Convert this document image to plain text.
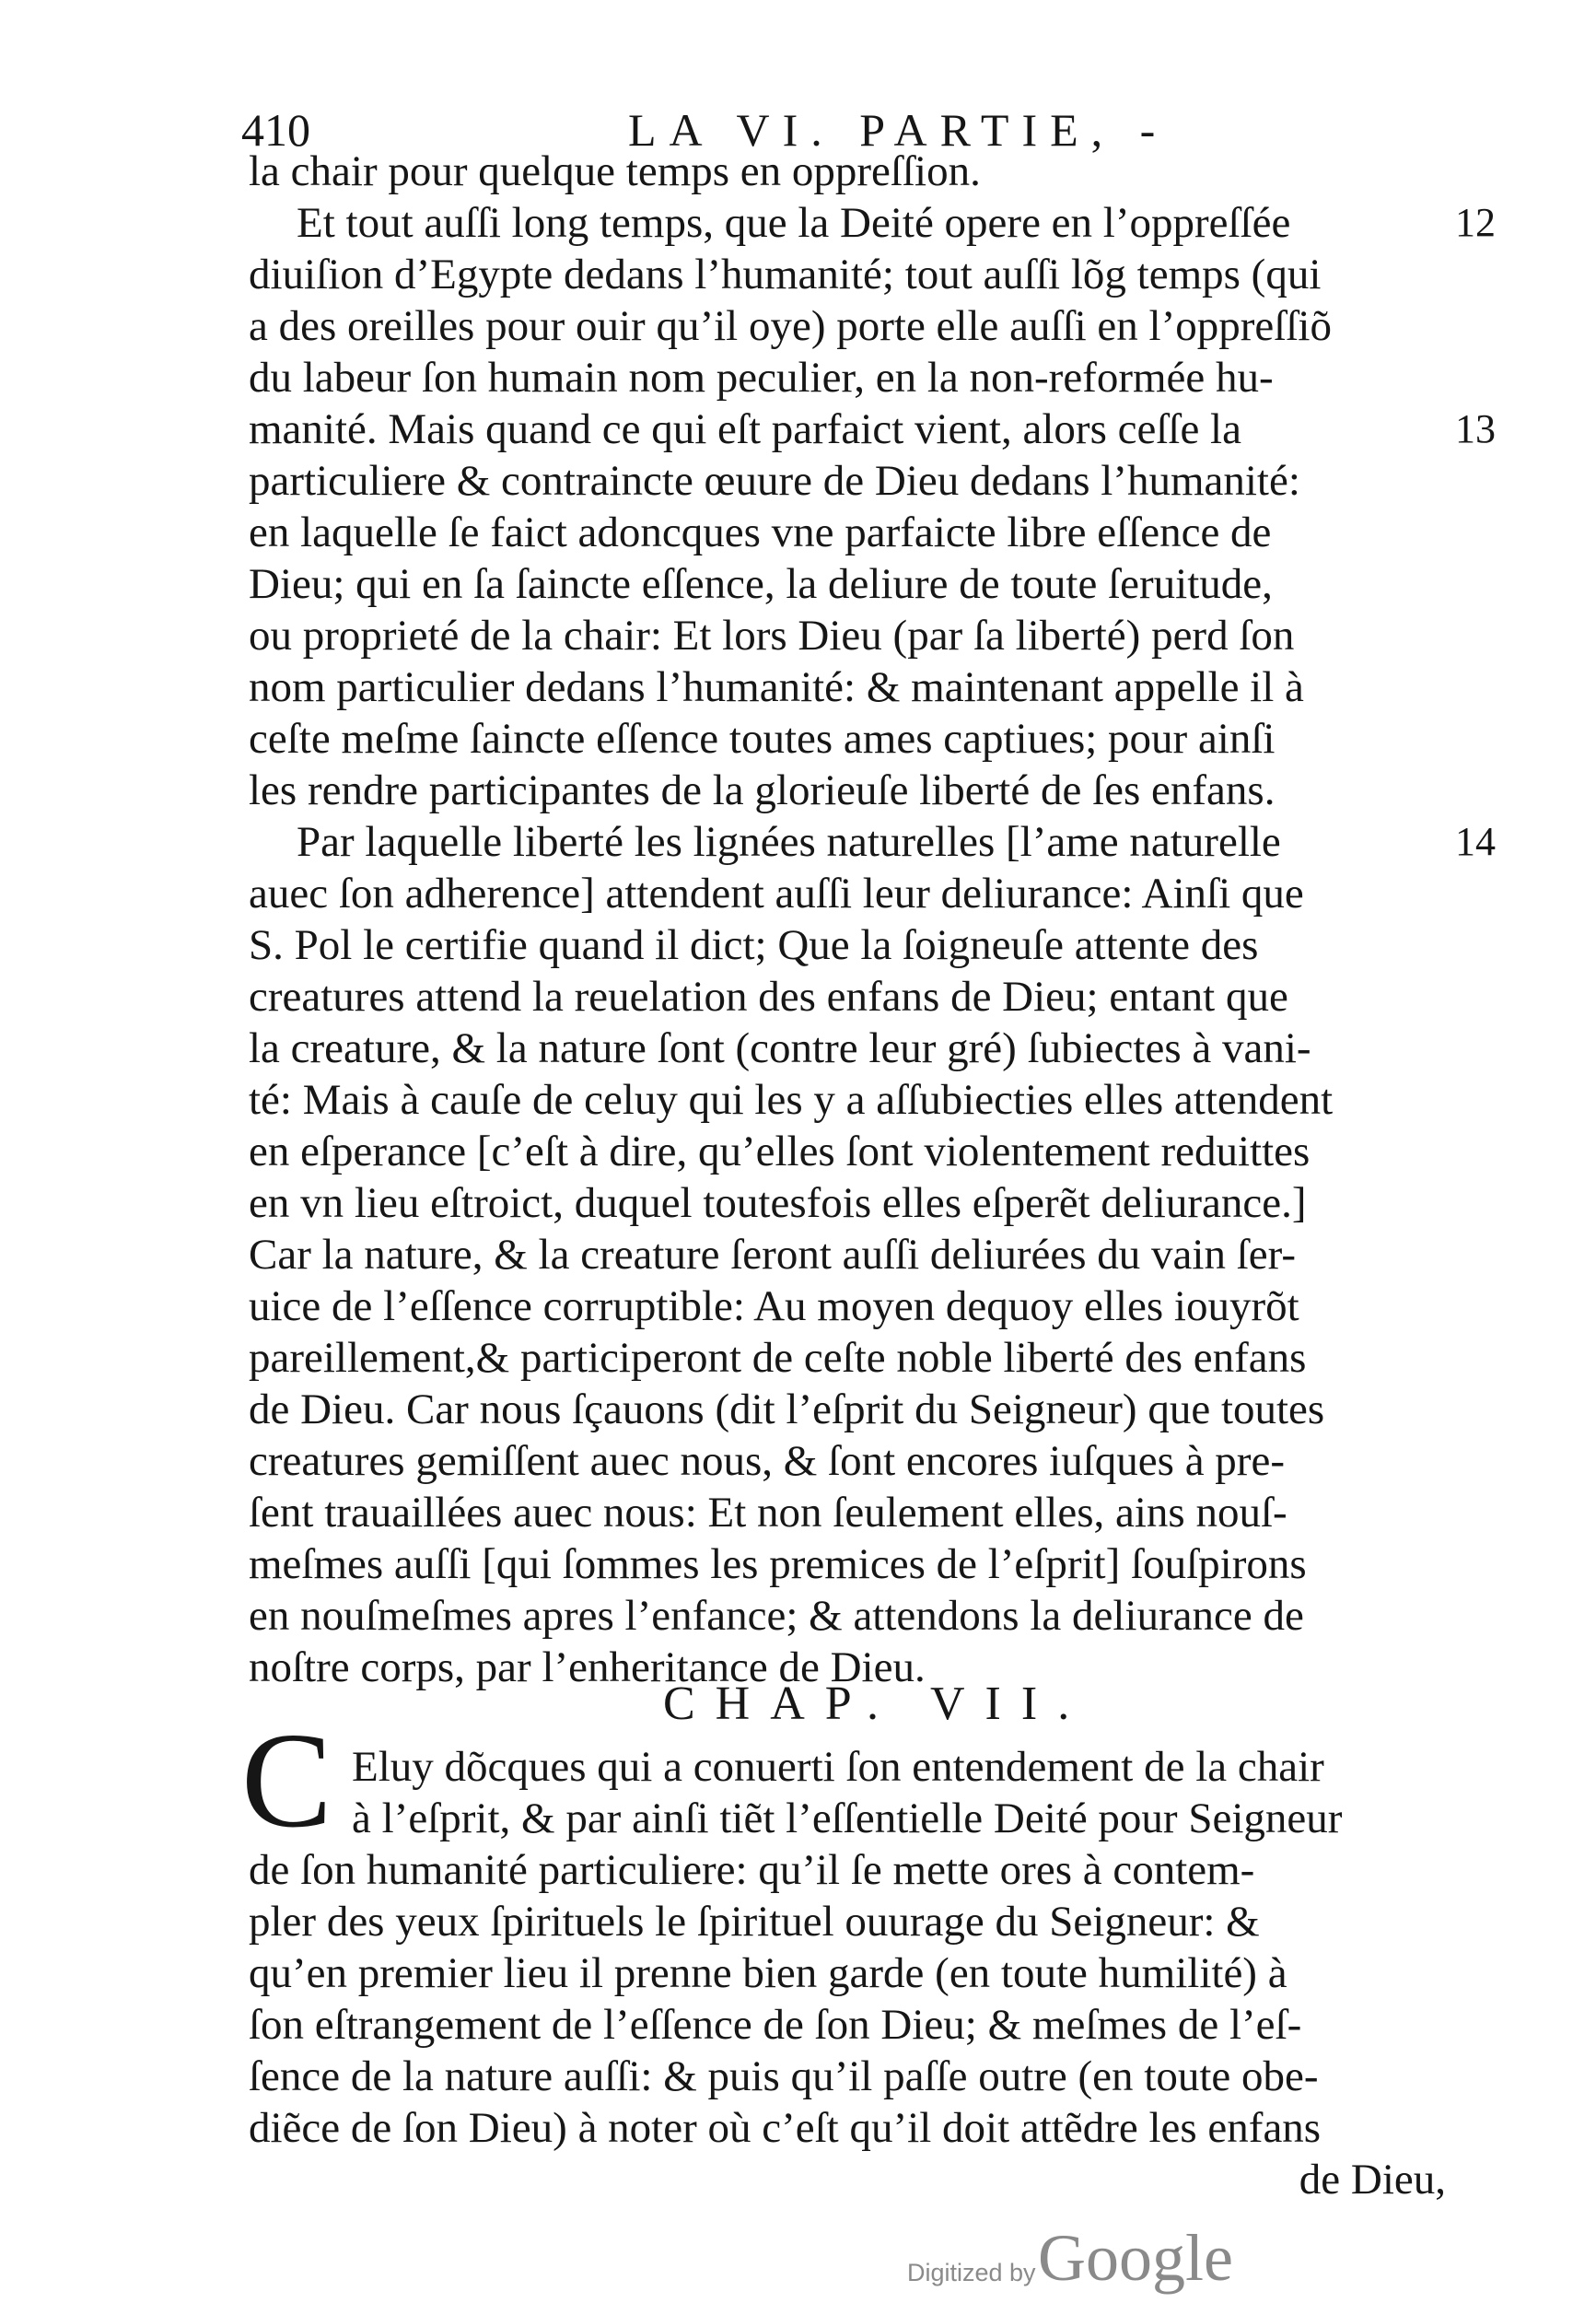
410	LA VI. PARTIE, -
la chair pour quelque temps en oppreſſion.
Et tout auſſi long temps, que la Deité opere en l’oppreſſée
diuiſion d’Egypte dedans l’humanité; tout auſſi lõg temps (qui
a des oreilles pour ouir qu’il oye) porte elle auſſi en l’oppreſſiõ
du labeur ſon humain nom peculier, en la non-reformée hu-
manité. Mais quand ce qui eſt parfaict vient, alors ceſſe la
particuliere & contraincte œuure de Dieu dedans l’humanité:
en laquelle ſe faict adoncques vne parfaicte libre eſſence de
Dieu; qui en ſa ſaincte eſſence, la deliure de toute ſeruitude,
ou proprieté de la chair: Et lors Dieu (par ſa liberté) perd ſon
nom particulier dedans l’humanité: & maintenant appelle il à
ceſte meſme ſaincte eſſence toutes ames captiues; pour ainſi
les rendre participantes de la glorieuſe liberté de ſes enfans.
Par laquelle liberté les lignées naturelles [l’ame naturelle
auec ſon adherence] attendent auſſi leur deliurance: Ainſi que
S. Pol le certifie quand il dict; Que la ſoigneuſe attente des
creatures attend la reuelation des enfans de Dieu; entant que
la creature, & la nature ſont (contre leur gré) ſubiectes à vani-
té: Mais à cauſe de celuy qui les y a aſſubiecties elles attendent
en eſperance [c’eſt à dire, qu’elles ſont violentement reduittes
en vn lieu eſtroict, duquel toutesfois elles eſperẽt deliurance.]
Car la nature, & la creature ſeront auſſi deliurées du vain ſer-
uice de l’eſſence corruptible: Au moyen dequoy elles iouyrõt
pareillement,& participeront de ceſte noble liberté des enfans
de Dieu. Car nous ſçauons (dit l’eſprit du Seigneur) que toutes
creatures gemiſſent auec nous, & ſont encores iuſques à pre-
ſent trauaillées auec nous: Et non ſeulement elles, ains nouſ-
meſmes auſſi [qui ſommes les premices de l’eſprit] ſouſpirons
en nouſmeſmes apres l’enfance; & attendons la deliurance de
noſtre corps, par l’enheritance de Dieu.
12
13
14
CHAP. VII.
C Eluy dõcques qui a conuerti ſon entendement de la chair
à l’eſprit, & par ainſi tiẽt l’eſſentielle Deité pour Seigneur
de ſon humanité particuliere: qu’il ſe mette ores à contem-
pler des yeux ſpirituels le ſpirituel ouurage du Seigneur: &
qu’en premier lieu il prenne bien garde (en toute humilité) à
ſon eſtrangement de l’eſſence de ſon Dieu; & meſmes de l’eſ-
ſence de la nature auſſi: & puis qu’il paſſe outre (en toute obe-
diẽce de ſon Dieu) à noter où c’eſt qu’il doit attẽdre les enfans
de Dieu,
Digitized by Google
